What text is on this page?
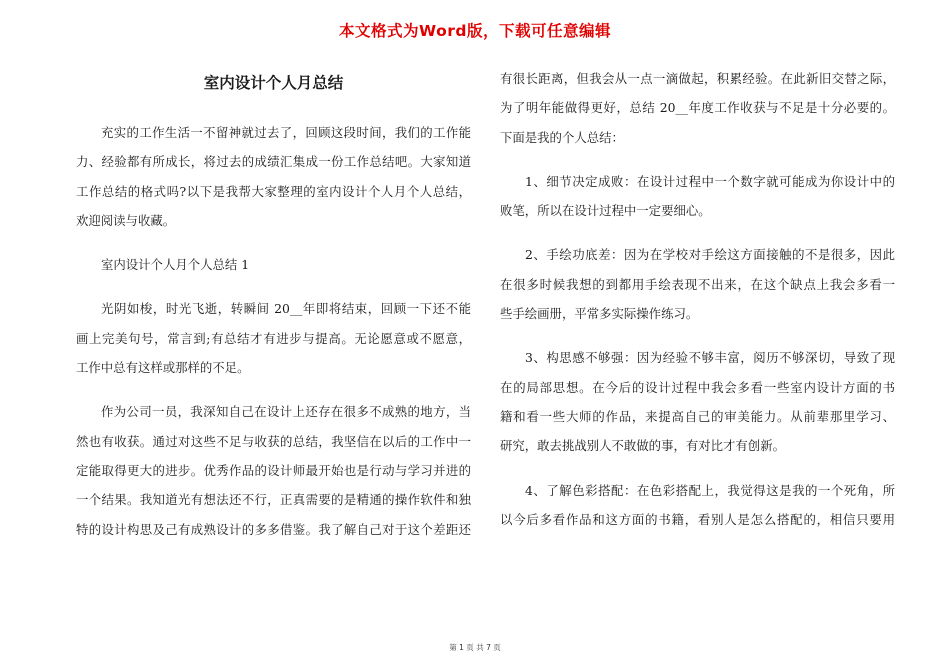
本文格式为Word版，下载可任意编辑
室内设计个人月总结
充实的工作生活一不留神就过去了，回顾这段时间，我们的工作能
力、经验都有所成长，将过去的成绩汇集成一份工作总结吧。大家知道
工作总结的格式吗?以下是我帮大家整理的室内设计个人月个人总结，
欢迎阅读与收藏。
室内设计个人月个人总结 1
光阴如梭，时光飞逝，转瞬间 20__年即将结束，回顾一下还不能
画上完美句号，常言到;有总结才有进步与提高。无论愿意或不愿意，
工作中总有这样或那样的不足。
作为公司一员，我深知自己在设计上还存在很多不成熟的地方，当
然也有收获。通过对这些不足与收获的总结，我坚信在以后的工作中一
定能取得更大的进步。优秀作品的设计师最开始也是行动与学习并进的
一个结果。我知道光有想法还不行，正真需要的是精通的操作软件和独
特的设计构思及己有成熟设计的多多借鉴。我了解自己对于这个差距还
有很长距离，但我会从一点一滴做起，积累经验。在此新旧交替之际，
为了明年能做得更好，总结 20__年度工作收获与不足是十分必要的。
下面是我的个人总结：
1、细节决定成败：在设计过程中一个数字就可能成为你设计中的
败笔，所以在设计过程中一定要细心。
2、手绘功底差：因为在学校对手绘这方面接触的不是很多，因此
在很多时候我想的到都用手绘表现不出来，在这个缺点上我会多看一
些手绘画册，平常多实际操作练习。
3、构思感不够强：因为经验不够丰富，阅历不够深切，导致了现
在的局部思想。在今后的设计过程中我会多看一些室内设计方面的书
籍和看一些大师的作品，来提高自己的审美能力。从前辈那里学习、
研究，敢去挑战别人不敢做的事，有对比才有创新。
4、了解色彩搭配：在色彩搭配上，我觉得这是我的一个死角，所
以今后多看作品和这方面的书籍，看别人是怎么搭配的，相信只要用
第 1 页 共 7 页
